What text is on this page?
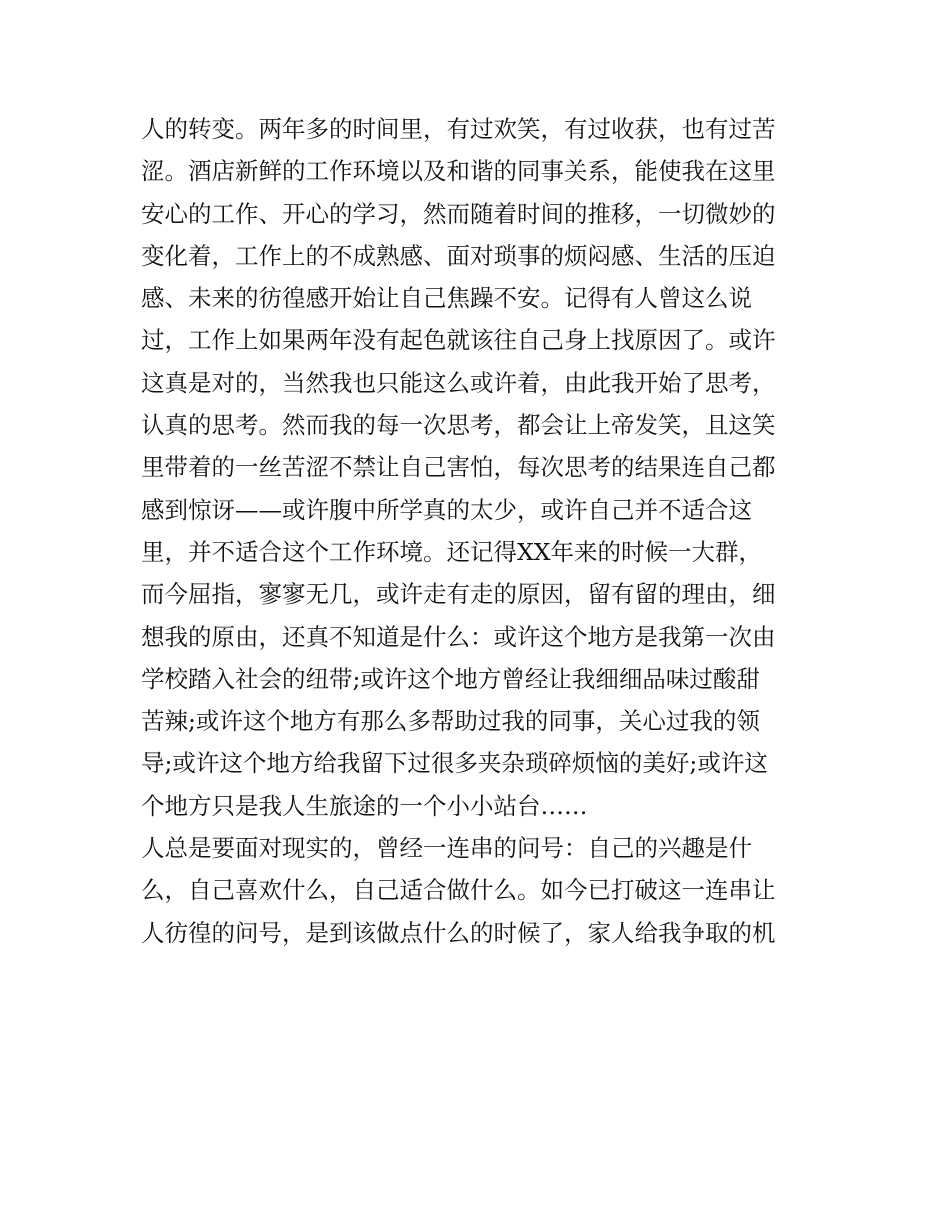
人的转变。两年多的时间里，有过欢笑，有过收获，也有过苦
涩。酒店新鲜的工作环境以及和谐的同事关系，能使我在这里
安心的工作、开心的学习，然而随着时间的推移，一切微妙的
变化着，工作上的不成熟感、面对琐事的烦闷感、生活的压迫
感、未来的彷徨感开始让自己焦躁不安。记得有人曾这么说
过，工作上如果两年没有起色就该往自己身上找原因了。或许
这真是对的，当然我也只能这么或许着，由此我开始了思考，
认真的思考。然而我的每一次思考，都会让上帝发笑，且这笑
里带着的一丝苦涩不禁让自己害怕，每次思考的结果连自己都
感到惊讶——或许腹中所学真的太少，或许自己并不适合这
里，并不适合这个工作环境。还记得XX年来的时候一大群，
而今屈指，寥寥无几，或许走有走的原因，留有留的理由，细
想我的原由，还真不知道是什么：或许这个地方是我第一次由
学校踏入社会的纽带;或许这个地方曾经让我细细品味过酸甜
苦辣;或许这个地方有那么多帮助过我的同事，关心过我的领
导;或许这个地方给我留下过很多夹杂琐碎烦恼的美好;或许这
个地方只是我人生旅途的一个小小站台……
人总是要面对现实的，曾经一连串的问号：自己的兴趣是什
么，自己喜欢什么，自己适合做什么。如今已打破这一连串让
人彷徨的问号，是到该做点什么的时候了，家人给我争取的机
